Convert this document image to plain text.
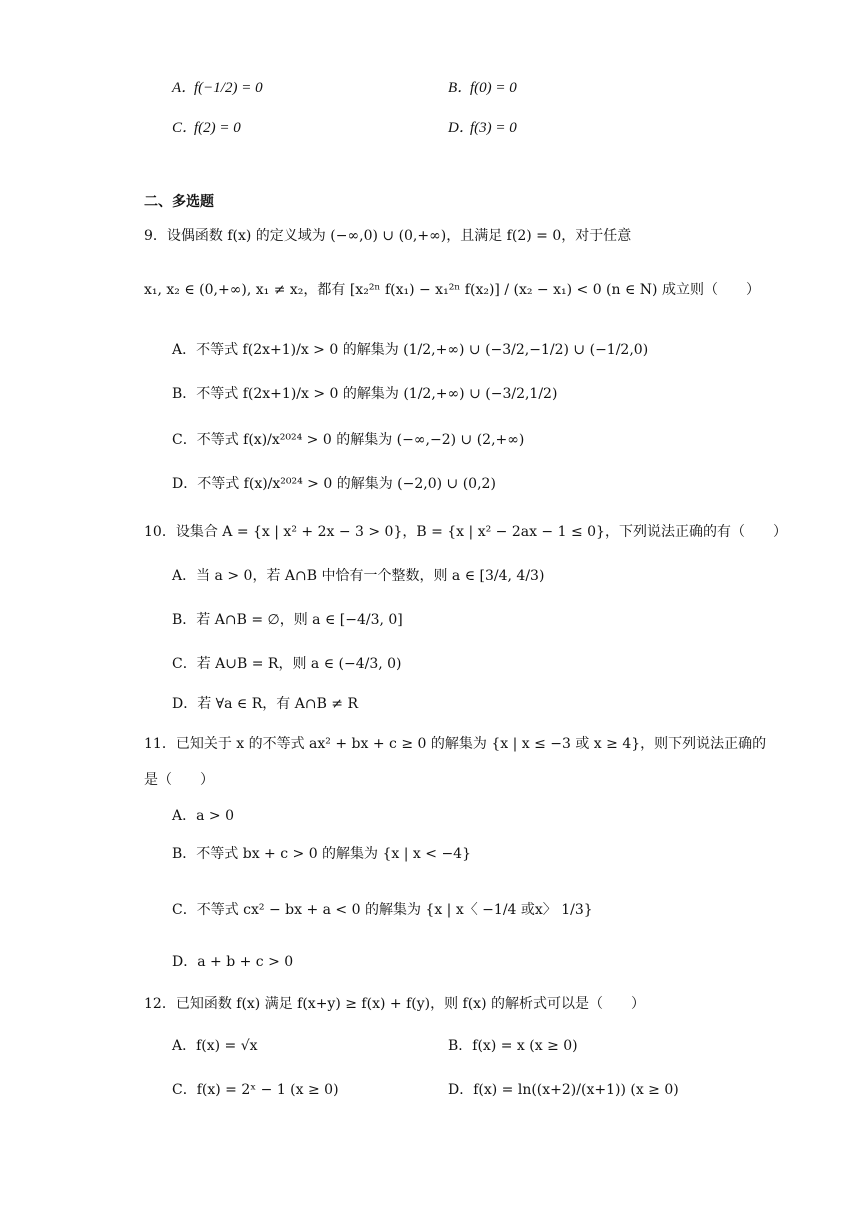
A．
f(−1/2) = 0	B．
f(0) = 0
C．
f(2) = 0	D．
f(3) = 0
二、多选题
9．设偶函数 f(x) 的定义域为 (−∞,0) ∪ (0,+∞)，且满足 f(2) = 0，对于任意
x₁, x₂ ∈ (0,+∞), x₁ ≠ x₂，都有 [x₂²ⁿ f(x₁) − x₁²ⁿ f(x₂)] / (x₂ − x₁) < 0 (n ∈ N) 成立则（　　）
A．不等式 f(2x+1)/x > 0 的解集为 (1/2,+∞) ∪ (−3/2,−1/2) ∪ (−1/2,0)
B．不等式 f(2x+1)/x > 0 的解集为 (1/2,+∞) ∪ (−3/2,1/2)
C．不等式 f(x)/x²⁰²⁴ > 0 的解集为 (−∞,−2) ∪ (2,+∞)
D．不等式 f(x)/x²⁰²⁴ > 0 的解集为 (−2,0) ∪ (0,2)
10．设集合 A = {x | x² + 2x − 3 > 0}，B = {x | x² − 2ax − 1 ≤ 0}，下列说法正确的有（　　）
A．当 a > 0，若 A∩B 中恰有一个整数，则 a ∈ [3/4, 4/3)
B．若 A∩B = ∅，则 a ∈ [−4/3, 0]
C．若 A∪B = R，则 a ∈ (−4/3, 0)
D．若 ∀a ∈ R，有 A∩B ≠ R
11．已知关于 x 的不等式 ax² + bx + c ≥ 0 的解集为 {x | x ≤ −3 或 x ≥ 4}，则下列说法正确的
是（　　）
A．a > 0
B．不等式 bx + c > 0 的解集为 {x | x < −4}
C．不等式 cx² − bx + a < 0 的解集为 {x | x〈 −1/4 或x〉 1/3}
D．a + b + c > 0
12．已知函数 f(x) 满足 f(x+y) ≥ f(x) + f(y)，则 f(x) 的解析式可以是（　　）
A．f(x) = √x	B．f(x) = x (x ≥ 0)
C．f(x) = 2ˣ − 1 (x ≥ 0)	D．f(x) = ln((x+2)/(x+1)) (x ≥ 0)
